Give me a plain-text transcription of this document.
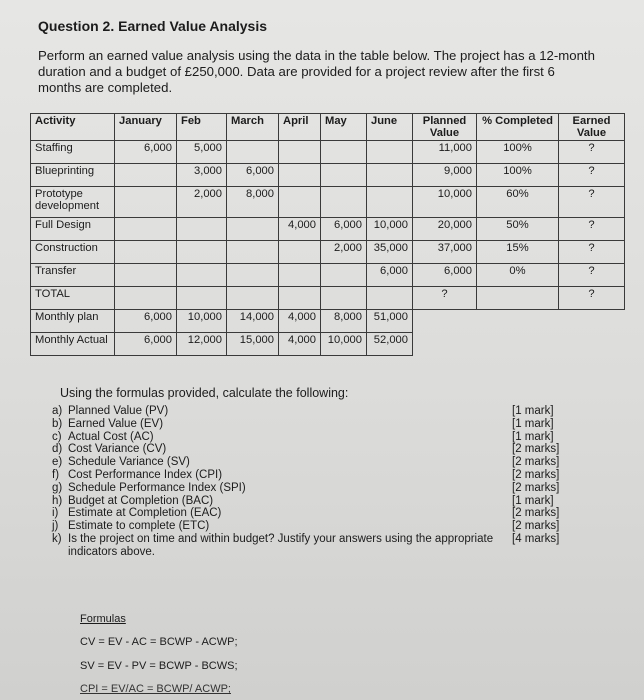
Question 2. Earned Value Analysis
Perform an earned value analysis using the data in the table below. The project has a 12-month duration and a budget of £250,000. Data are provided for a project review after the first 6 months are completed.
Activity	January	Feb	March	April	May	June	Planned Value	% Completed	Earned Value
Staffing	6,000	5,000					11,000	100%	?
Blueprinting		3,000	6,000				9,000	100%	?
Prototype development		2,000	8,000				10,000	60%	?
Full Design				4,000	6,000	10,000	20,000	50%	?
Construction					2,000	35,000	37,000	15%	?
Transfer						6,000	6,000	0%	?
TOTAL							?		?
Monthly plan	6,000	10,000	14,000	4,000	8,000	51,000			
Monthly Actual	6,000	12,000	15,000	4,000	10,000	52,000			
Using the formulas provided, calculate the following:
a) Planned Value (PV)	[1 mark]
b) Earned Value (EV)	[1 mark]
c) Actual Cost (AC)	[1 mark]
d) Cost Variance (CV)	[2 marks]
e) Schedule Variance (SV)	[2 marks]
f) Cost Performance Index (CPI)	[2 marks]
g) Schedule Performance Index (SPI)	[2 marks]
h) Budget at Completion (BAC)	[1 mark]
i) Estimate at Completion (EAC)	[2 marks]
j) Estimate to complete (ETC)	[2 marks]
k) Is the project on time and within budget? Justify your answers using the appropriate indicators above.
[4 marks]
Formulas
CV = EV - AC = BCWP - ACWP;
SV = EV - PV = BCWP - BCWS;
CPI = EV/AC = BCWP/ ACWP;
